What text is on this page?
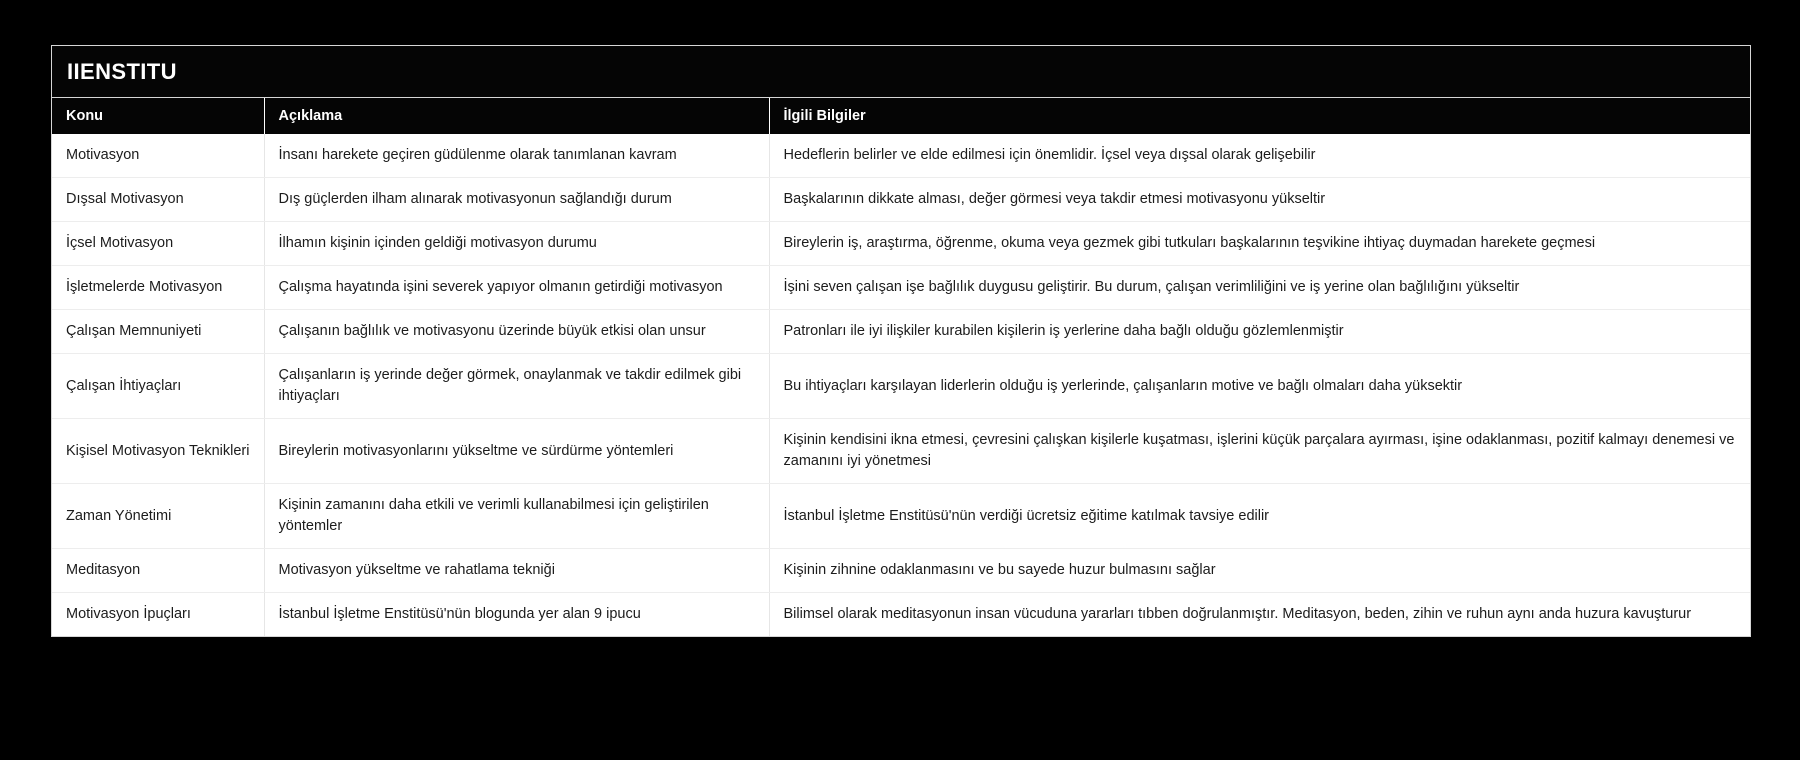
IIENSTITU
Konu	Açıklama	İlgili Bilgiler
Motivasyon	İnsanı harekete geçiren güdülenme olarak tanımlanan kavram	Hedeflerin belirler ve elde edilmesi için önemlidir. İçsel veya dışsal olarak gelişebilir
Dışsal Motivasyon	Dış güçlerden ilham alınarak motivasyonun sağlandığı durum	Başkalarının dikkate alması, değer görmesi veya takdir etmesi motivasyonu yükseltir
İçsel Motivasyon	İlhamın kişinin içinden geldiği motivasyon durumu	Bireylerin iş, araştırma, öğrenme, okuma veya gezmek gibi tutkuları başkalarının teşvikine ihtiyaç duymadan harekete geçmesi
İşletmelerde Motivasyon	Çalışma hayatında işini severek yapıyor olmanın getirdiği motivasyon	İşini seven çalışan işe bağlılık duygusu geliştirir. Bu durum, çalışan verimliliğini ve iş yerine olan bağlılığını yükseltir
Çalışan Memnuniyeti	Çalışanın bağlılık ve motivasyonu üzerinde büyük etkisi olan unsur	Patronları ile iyi ilişkiler kurabilen kişilerin iş yerlerine daha bağlı olduğu gözlemlenmiştir
Çalışan İhtiyaçları	Çalışanların iş yerinde değer görmek, onaylanmak ve takdir edilmek gibi ihtiyaçları	Bu ihtiyaçları karşılayan liderlerin olduğu iş yerlerinde, çalışanların motive ve bağlı olmaları daha yüksektir
Kişisel Motivasyon Teknikleri	Bireylerin motivasyonlarını yükseltme ve sürdürme yöntemleri	Kişinin kendisini ikna etmesi, çevresini çalışkan kişilerle kuşatması, işlerini küçük parçalara ayırması, işine odaklanması, pozitif kalmayı denemesi ve zamanını iyi yönetmesi
Zaman Yönetimi	Kişinin zamanını daha etkili ve verimli kullanabilmesi için geliştirilen yöntemler	İstanbul İşletme Enstitüsü'nün verdiği ücretsiz eğitime katılmak tavsiye edilir
Meditasyon	Motivasyon yükseltme ve rahatlama tekniği	Kişinin zihnine odaklanmasını ve bu sayede huzur bulmasını sağlar
Motivasyon İpuçları	İstanbul İşletme Enstitüsü'nün blogunda yer alan 9 ipucu	Bilimsel olarak meditasyonun insan vücuduna yararları tıbben doğrulanmıştır. Meditasyon, beden, zihin ve ruhun aynı anda huzura kavuşturur
